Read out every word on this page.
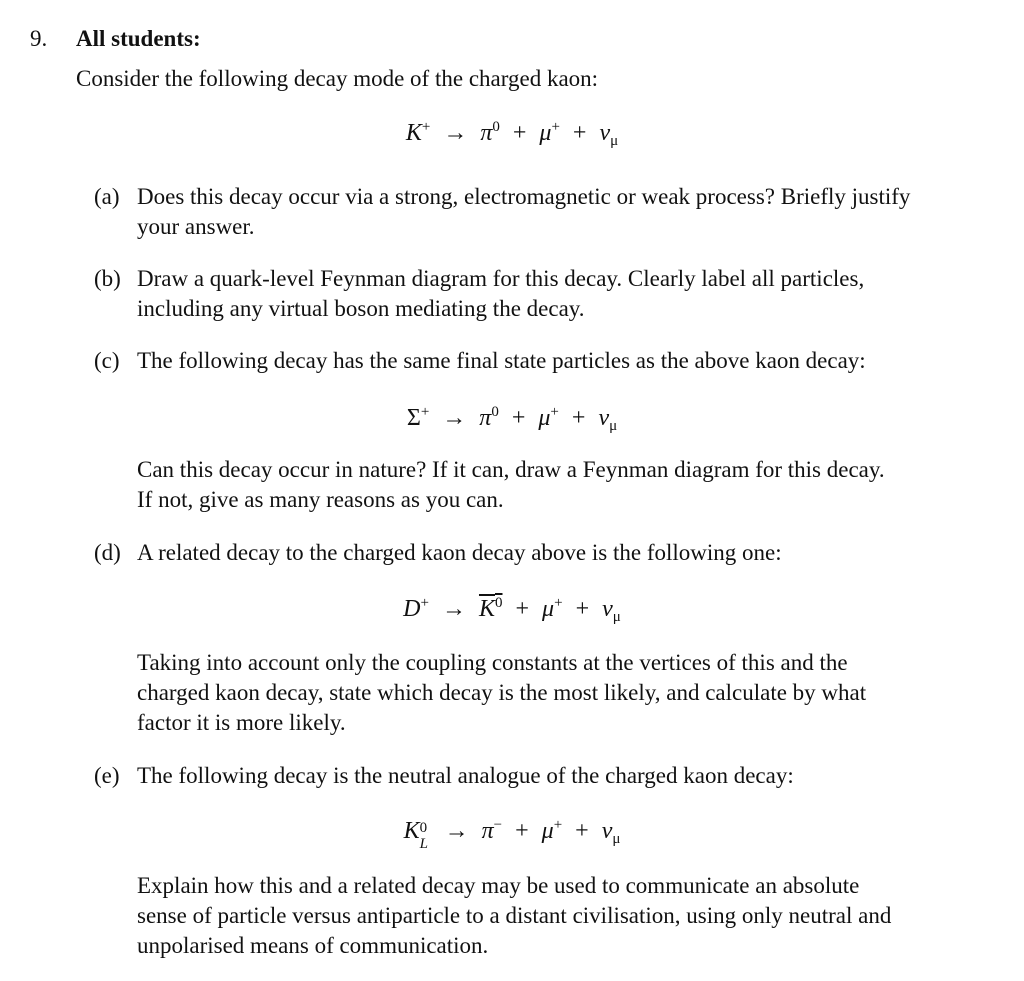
9. All students:
Consider the following decay mode of the charged kaon:
$K^+ \to \pi^0 + \mu^+ + \nu_\mu$
(a) Does this decay occur via a strong, electromagnetic or weak process? Briefly justify
your answer.
(b) Draw a quark-level Feynman diagram for this decay. Clearly label all particles,
including any virtual boson mediating the decay.
(c) The following decay has the same final state particles as the above kaon decay:
$\Sigma^+ \to \pi^0 + \mu^+ + \nu_\mu$
Can this decay occur in nature? If it can, draw a Feynman diagram for this decay.
If not, give as many reasons as you can.
(d) A related decay to the charged kaon decay above is the following one:
$D^+ \to K^0 + \mu^+ + \nu_\mu$
Taking into account only the coupling constants at the vertices of this and the
charged kaon decay, state which decay is the most likely, and calculate by what
factor it is more likely.
(e) The following decay is the neutral analogue of the charged kaon decay:
K 0
$L \to \pi^- + \mu^+ + \nu_\mu$
Explain how this and a related decay may be used to communicate an absolute
sense of particle versus antiparticle to a distant civilisation, using only neutral and
unpolarised means of communication.
